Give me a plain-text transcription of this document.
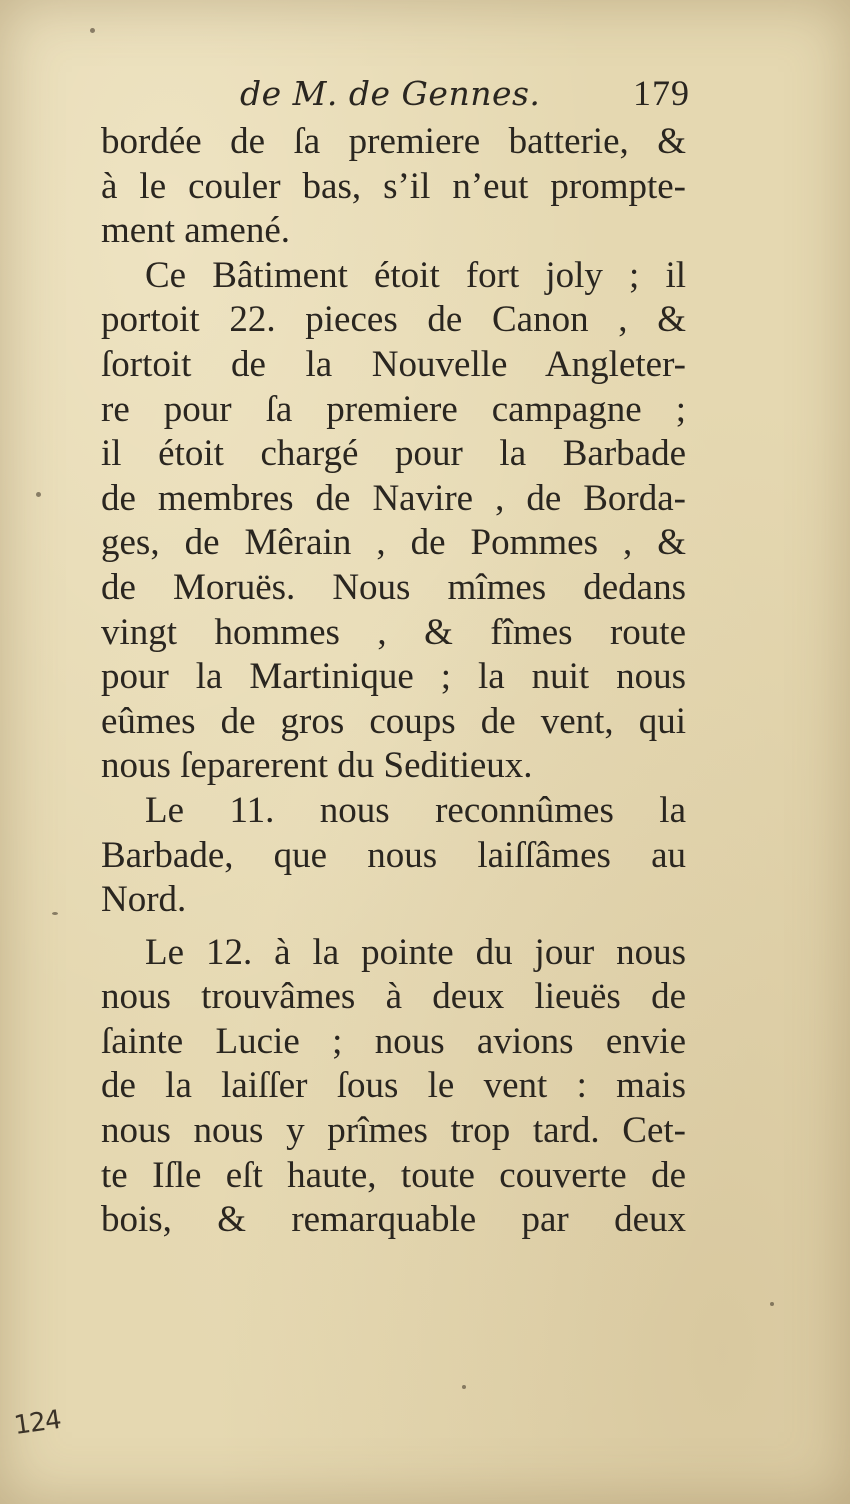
de M. de Gennes.	179
bordée de ſa premiere batterie, &
à le couler bas, s’il n’eut prompte-
ment amené.
Ce Bâtiment étoit fort joly ; il
portoit 22. pieces de Canon , &
ſortoit de la Nouvelle Angleter-
re pour ſa premiere campagne ;
il étoit chargé pour la Barbade
de membres de Navire , de Borda-
ges, de Mêrain , de Pommes , &
de Moruës. Nous mîmes dedans
vingt hommes , & fîmes route
pour la Martinique ; la nuit nous
eûmes de gros coups de vent, qui
nous ſeparerent du Seditieux.
Le 11. nous reconnûmes la
Barbade, que nous laiſſâmes au
Nord.
Le 12. à la pointe du jour nous
nous trouvâmes à deux lieuës de
ſainte Lucie ; nous avions envie
de la laiſſer ſous le vent : mais
nous nous y prîmes trop tard. Cet-
te Iſle eſt haute, toute couverte de
bois, & remarquable par deux
124
